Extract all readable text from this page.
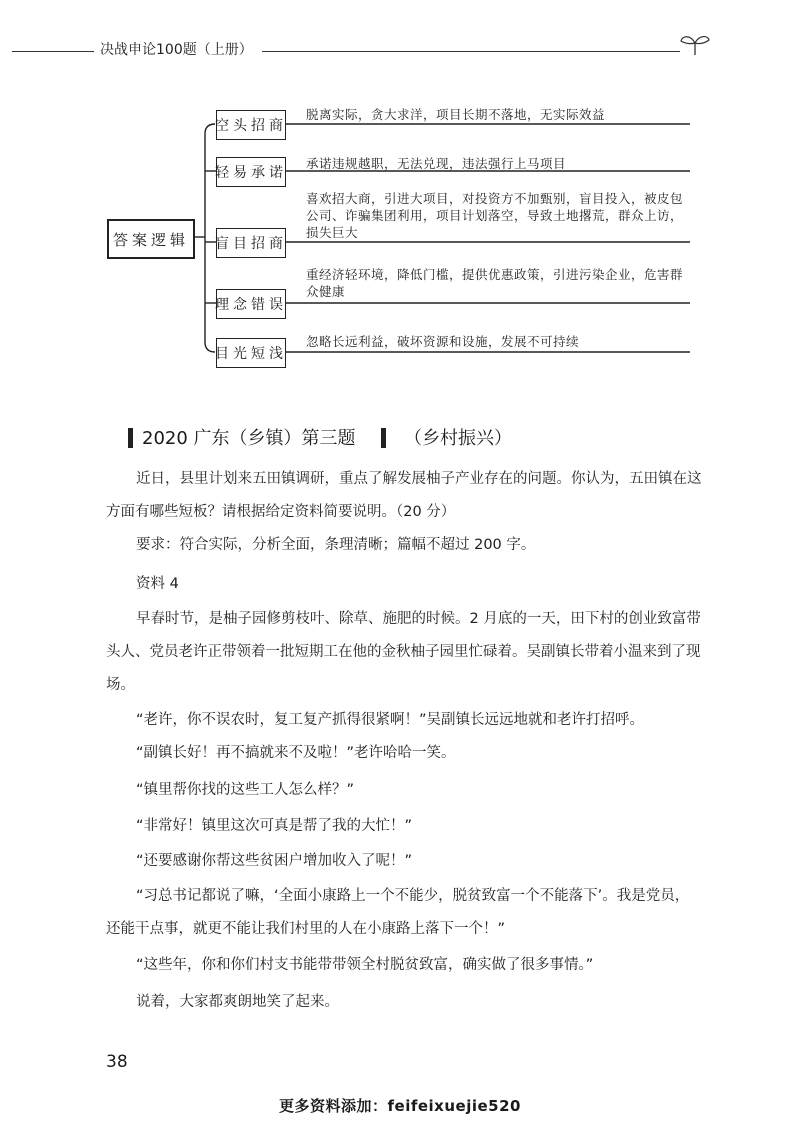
决战申论100题（上册）
答案逻辑
空头招商
轻易承诺
盲目招商
理念错误
目光短浅
脱离实际，贪大求洋，项目长期不落地，无实际效益
承诺违规越职，无法兑现，违法强行上马项目
喜欢招大商，引进大项目，对投资方不加甄别，盲目投入，被皮包公司、诈骗集团利用，项目计划落空，导致土地撂荒，群众上访，损失巨大
重经济轻环境，降低门槛，提供优惠政策，引进污染企业，危害群众健康
忽略长远利益，破坏资源和设施，发展不可持续
2020 广东（乡镇）第三题	（乡村振兴）
近日，县里计划来五田镇调研，重点了解发展柚子产业存在的问题。你认为，五田镇在这方面有哪些短板？请根据给定资料简要说明。（20 分）
要求：符合实际，分析全面，条理清晰；篇幅不超过 200 字。
资料 4
早春时节，是柚子园修剪枝叶、除草、施肥的时候。2 月底的一天，田下村的创业致富带头人、党员老许正带领着一批短期工在他的金秋柚子园里忙碌着。吴副镇长带着小温来到了现场。
“老许，你不误农时，复工复产抓得很紧啊！”吴副镇长远远地就和老许打招呼。
“副镇长好！再不搞就来不及啦！”老许哈哈一笑。
“镇里帮你找的这些工人怎么样？”
“非常好！镇里这次可真是帮了我的大忙！”
“还要感谢你帮这些贫困户增加收入了呢！”
“习总书记都说了嘛，‘全面小康路上一个不能少，脱贫致富一个不能落下’。我是党员，还能干点事，就更不能让我们村里的人在小康路上落下一个！”
“这些年，你和你们村支书能带带领全村脱贫致富，确实做了很多事情。”
说着，大家都爽朗地笑了起来。
38
更多资料添加：feifeixuejie520
